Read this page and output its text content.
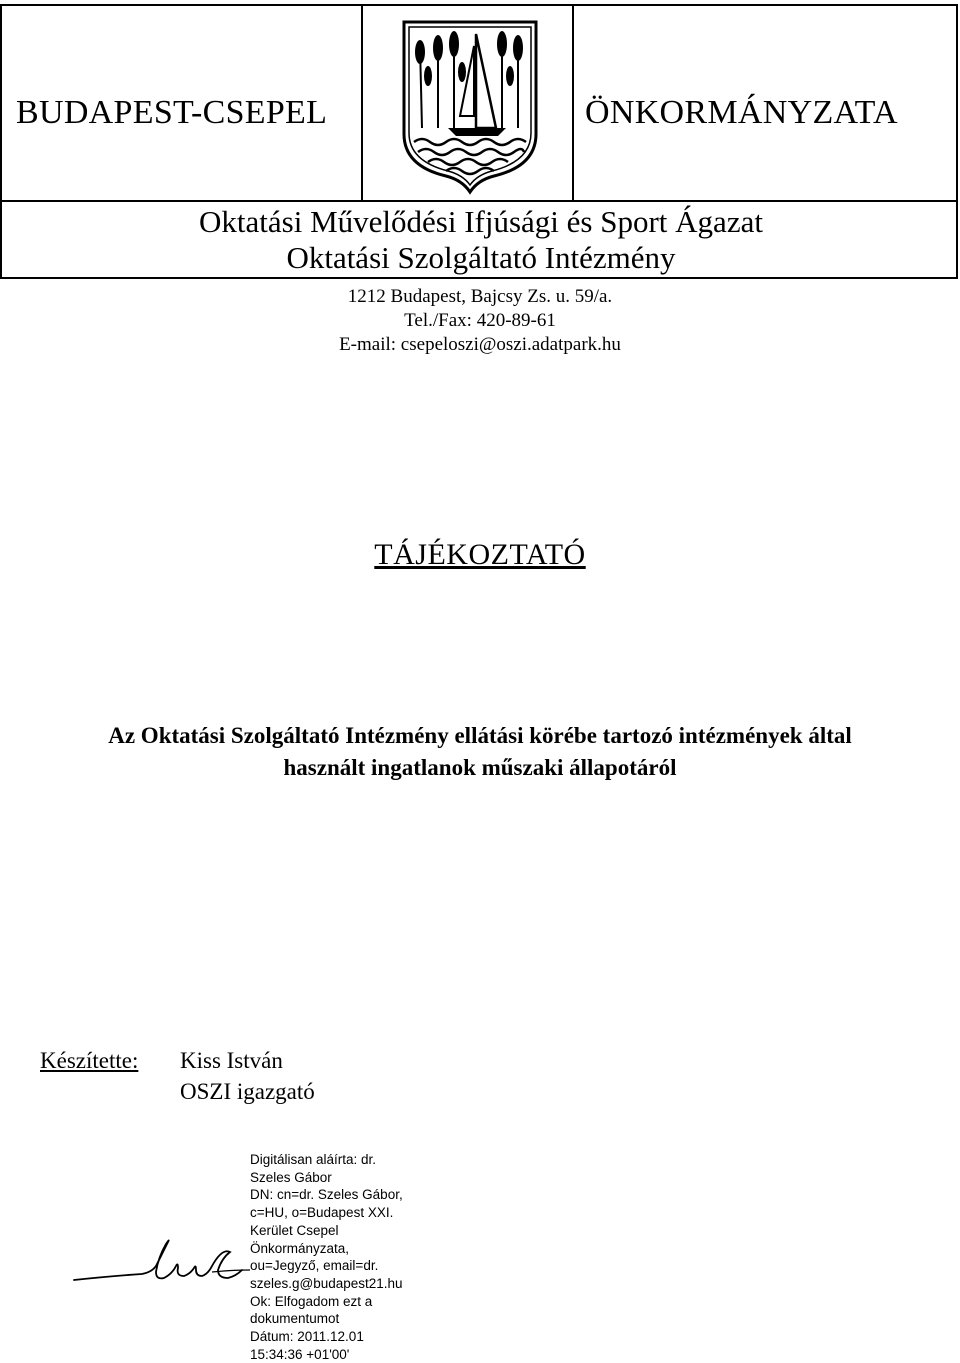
BUDAPEST-CSEPEL	ÖNKORMÁNYZATA
Oktatási Művelődési Ifjúsági és Sport Ágazat
Oktatási Szolgáltató Intézmény
1212 Budapest, Bajcsy Zs. u. 59/a.
Tel./Fax: 420-89-61
E-mail: csepeloszi@oszi.adatpark.hu
TÁJÉKOZTATÓ
Az Oktatási Szolgáltató Intézmény ellátási körébe tartozó intézmények által
használt ingatlanok műszaki állapotáról
Készítette: Kiss István
OSZI igazgató
Digitálisan aláírta: dr.
Szeles Gábor
DN: cn=dr. Szeles Gábor,
c=HU, o=Budapest XXI.
Kerület Csepel
Önkormányzata,
ou=Jegyző, email=dr.
szeles.g@budapest21.hu
Ok: Elfogadom ezt a
dokumentumot
Dátum: 2011.12.01
15:34:36 +01'00'
